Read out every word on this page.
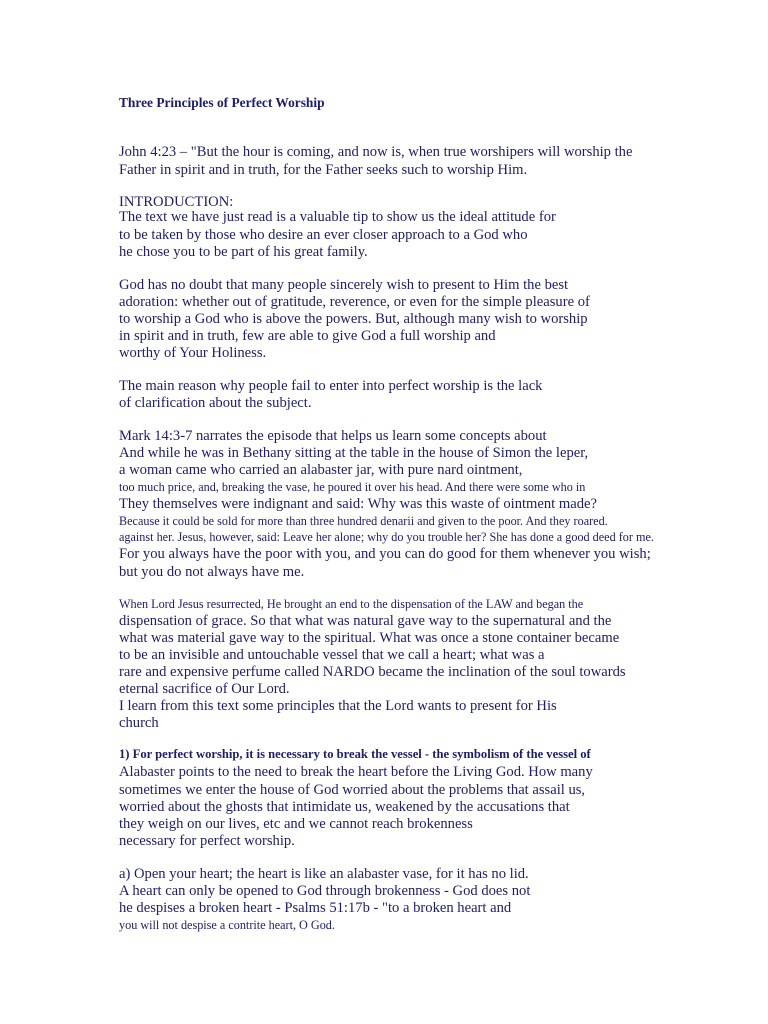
Three Principles of Perfect Worship
John 4:23 – "But the hour is coming, and now is, when true worshipers will worship the
Father in spirit and in truth, for the Father seeks such to worship Him.
INTRODUCTION:
The text we have just read is a valuable tip to show us the ideal attitude for
to be taken by those who desire an ever closer approach to a God who
he chose you to be part of his great family.
God has no doubt that many people sincerely wish to present to Him the best
adoration: whether out of gratitude, reverence, or even for the simple pleasure of
to worship a God who is above the powers. But, although many wish to worship
in spirit and in truth, few are able to give God a full worship and
worthy of Your Holiness.
The main reason why people fail to enter into perfect worship is the lack
of clarification about the subject.
Mark 14:3-7 narrates the episode that helps us learn some concepts about
And while he was in Bethany sitting at the table in the house of Simon the leper,
a woman came who carried an alabaster jar, with pure nard ointment,
too much price, and, breaking the vase, he poured it over his head. And there were some who in
They themselves were indignant and said: Why was this waste of ointment made?
Because it could be sold for more than three hundred denarii and given to the poor. And they roared.
against her. Jesus, however, said: Leave her alone; why do you trouble her? She has done a good deed for me.
For you always have the poor with you, and you can do good for them whenever you wish;
but you do not always have me.
When Lord Jesus resurrected, He brought an end to the dispensation of the LAW and began the
dispensation of grace. So that what was natural gave way to the supernatural and the
what was material gave way to the spiritual. What was once a stone container became
to be an invisible and untouchable vessel that we call a heart; what was a
rare and expensive perfume called NARDO became the inclination of the soul towards
eternal sacrifice of Our Lord.
I learn from this text some principles that the Lord wants to present for His
church
1) For perfect worship, it is necessary to break the vessel - the symbolism of the vessel of
Alabaster points to the need to break the heart before the Living God. How many
sometimes we enter the house of God worried about the problems that assail us,
worried about the ghosts that intimidate us, weakened by the accusations that
they weigh on our lives, etc and we cannot reach brokenness
necessary for perfect worship.
a) Open your heart; the heart is like an alabaster vase, for it has no lid.
A heart can only be opened to God through brokenness - God does not
he despises a broken heart - Psalms 51:17b - "to a broken heart and
you will not despise a contrite heart, O God.
